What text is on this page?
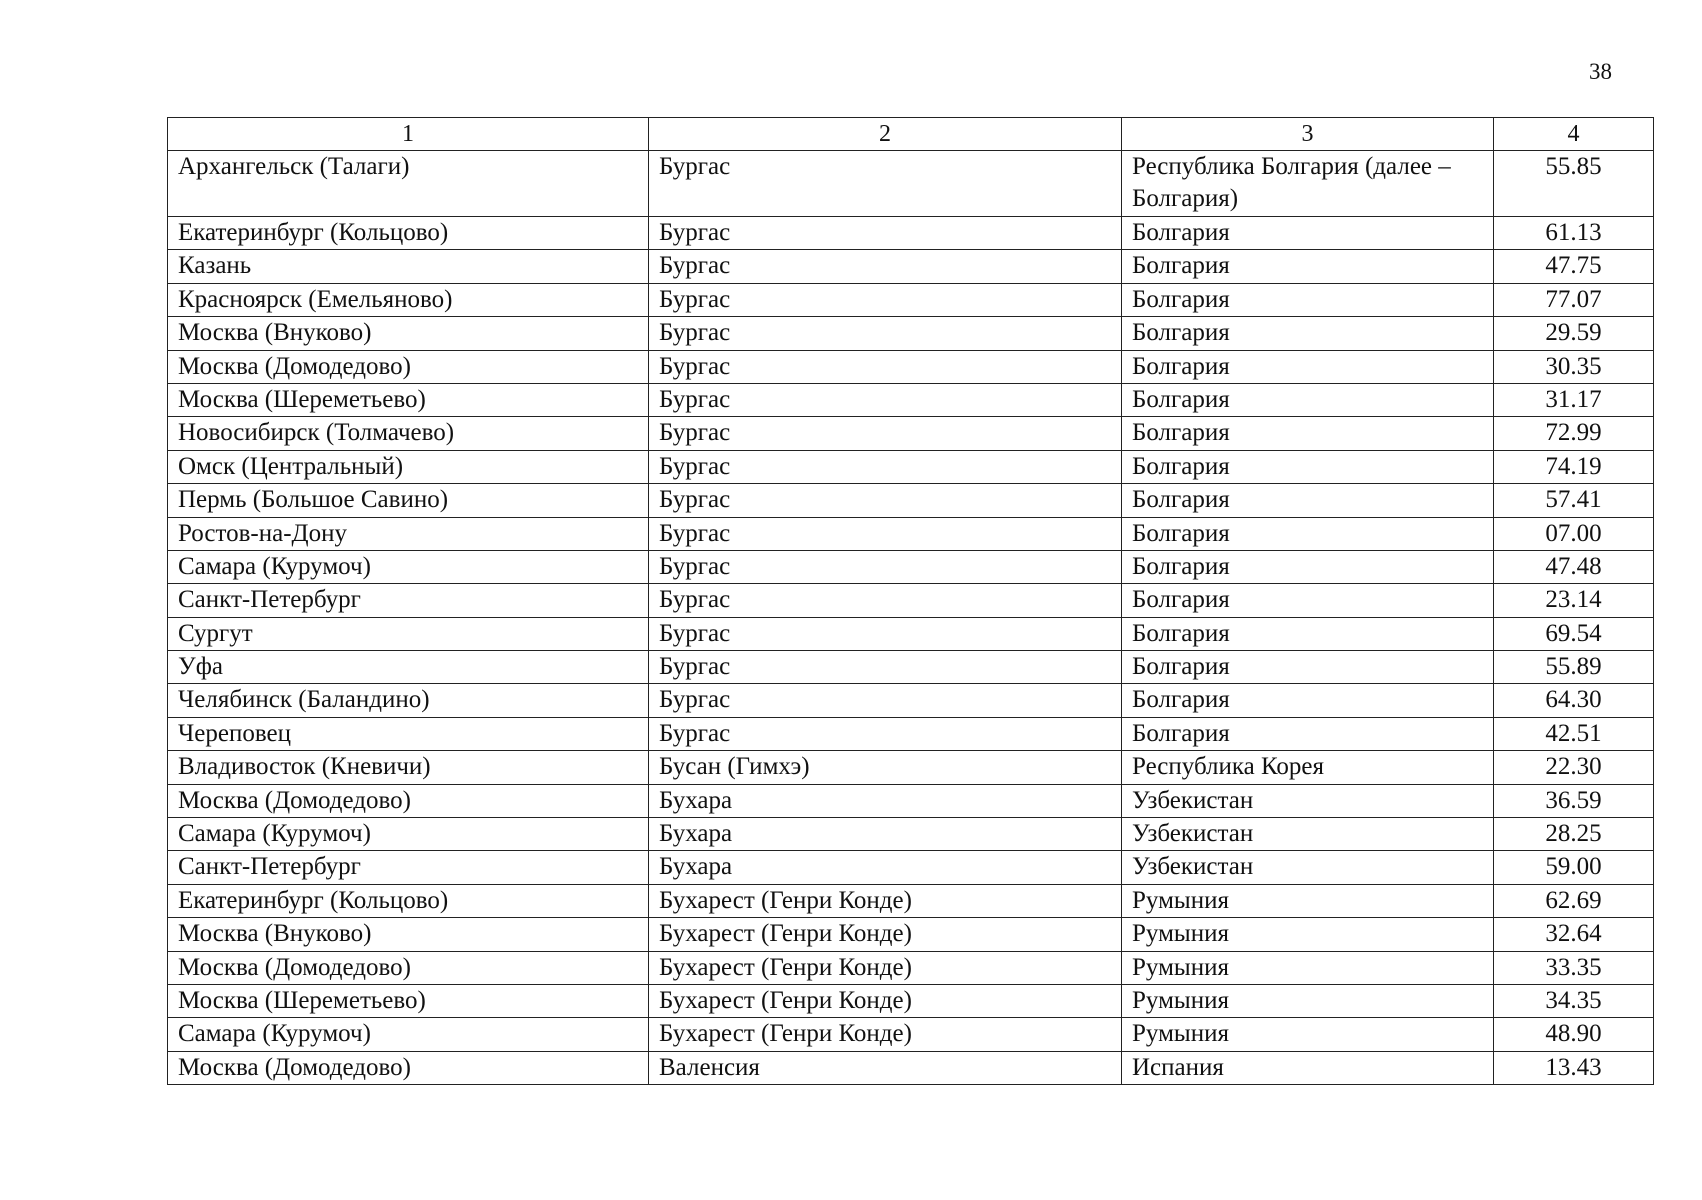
38
1	2	3	4
Архангельск (Талаги)	Бургас	Республика Болгария (далее – Болгария)	55.85
Екатеринбург (Кольцово)	Бургас	Болгария	61.13
Казань	Бургас	Болгария	47.75
Красноярск (Емельяново)	Бургас	Болгария	77.07
Москва (Внуково)	Бургас	Болгария	29.59
Москва (Домодедово)	Бургас	Болгария	30.35
Москва (Шереметьево)	Бургас	Болгария	31.17
Новосибирск (Толмачево)	Бургас	Болгария	72.99
Омск (Центральный)	Бургас	Болгария	74.19
Пермь (Большое Савино)	Бургас	Болгария	57.41
Ростов-на-Дону	Бургас	Болгария	07.00
Самара (Курумоч)	Бургас	Болгария	47.48
Санкт-Петербург	Бургас	Болгария	23.14
Сургут	Бургас	Болгария	69.54
Уфа	Бургас	Болгария	55.89
Челябинск (Баландино)	Бургас	Болгария	64.30
Череповец	Бургас	Болгария	42.51
Владивосток (Кневичи)	Бусан (Гимхэ)	Республика Корея	22.30
Москва (Домодедово)	Бухара	Узбекистан	36.59
Самара (Курумоч)	Бухара	Узбекистан	28.25
Санкт-Петербург	Бухара	Узбекистан	59.00
Екатеринбург (Кольцово)	Бухарест (Генри Конде)	Румыния	62.69
Москва (Внуково)	Бухарест (Генри Конде)	Румыния	32.64
Москва (Домодедово)	Бухарест (Генри Конде)	Румыния	33.35
Москва (Шереметьево)	Бухарест (Генри Конде)	Румыния	34.35
Самара (Курумоч)	Бухарест (Генри Конде)	Румыния	48.90
Москва (Домодедово)	Валенсия	Испания	13.43
